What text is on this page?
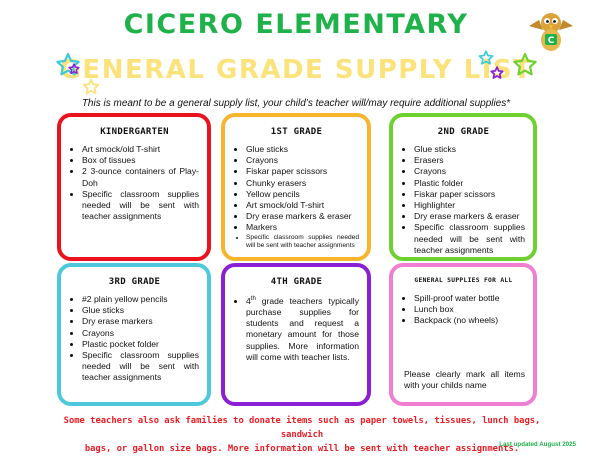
CICERO ELEMENTARY
GENERAL GRADE SUPPLY LIST
This is meant to be a general supply list, your child’s teacher will/may require additional supplies*
C
KINDERGARTEN
• Art smock/old T-shirt
• Box of tissues
• 2 3-ounce containers of Play-Doh
• Specific classroom supplies needed will be sent with teacher assignments
1ST GRADE
• Glue sticks
• Crayons
• Fiskar paper scissors
• Chunky erasers
• Yellow pencils
• Art smock/old T-shirt
• Dry erase markers & eraser
• Markers
• Specific classroom supplies needed will be sent with teacher assignments
2ND GRADE
• Glue sticks
• Erasers
• Crayons
• Plastic folder
• Fiskar paper scissors
• Highlighter
• Dry erase markers & eraser
• Specific classroom supplies needed will be sent with teacher assignments
3RD GRADE
• #2 plain yellow pencils
• Glue sticks
• Dry erase markers
• Crayons
• Plastic pocket folder
• Specific classroom supplies needed will be sent with teacher assignments
4TH GRADE
• 4th grade teachers typically purchase supplies for students and request a monetary amount for those supplies. More information will come with teacher lists.
GENERAL SUPPLIES FOR ALL
• Spill-proof water bottle
• Lunch box
• Backpack (no wheels)
Please clearly mark all items with your childs name
Some teachers also ask families to donate items such as paper towels, tissues, lunch bags, sandwich
bags, or gallon size bags. More information will be sent with teacher assignments.
Last updated August 2025
